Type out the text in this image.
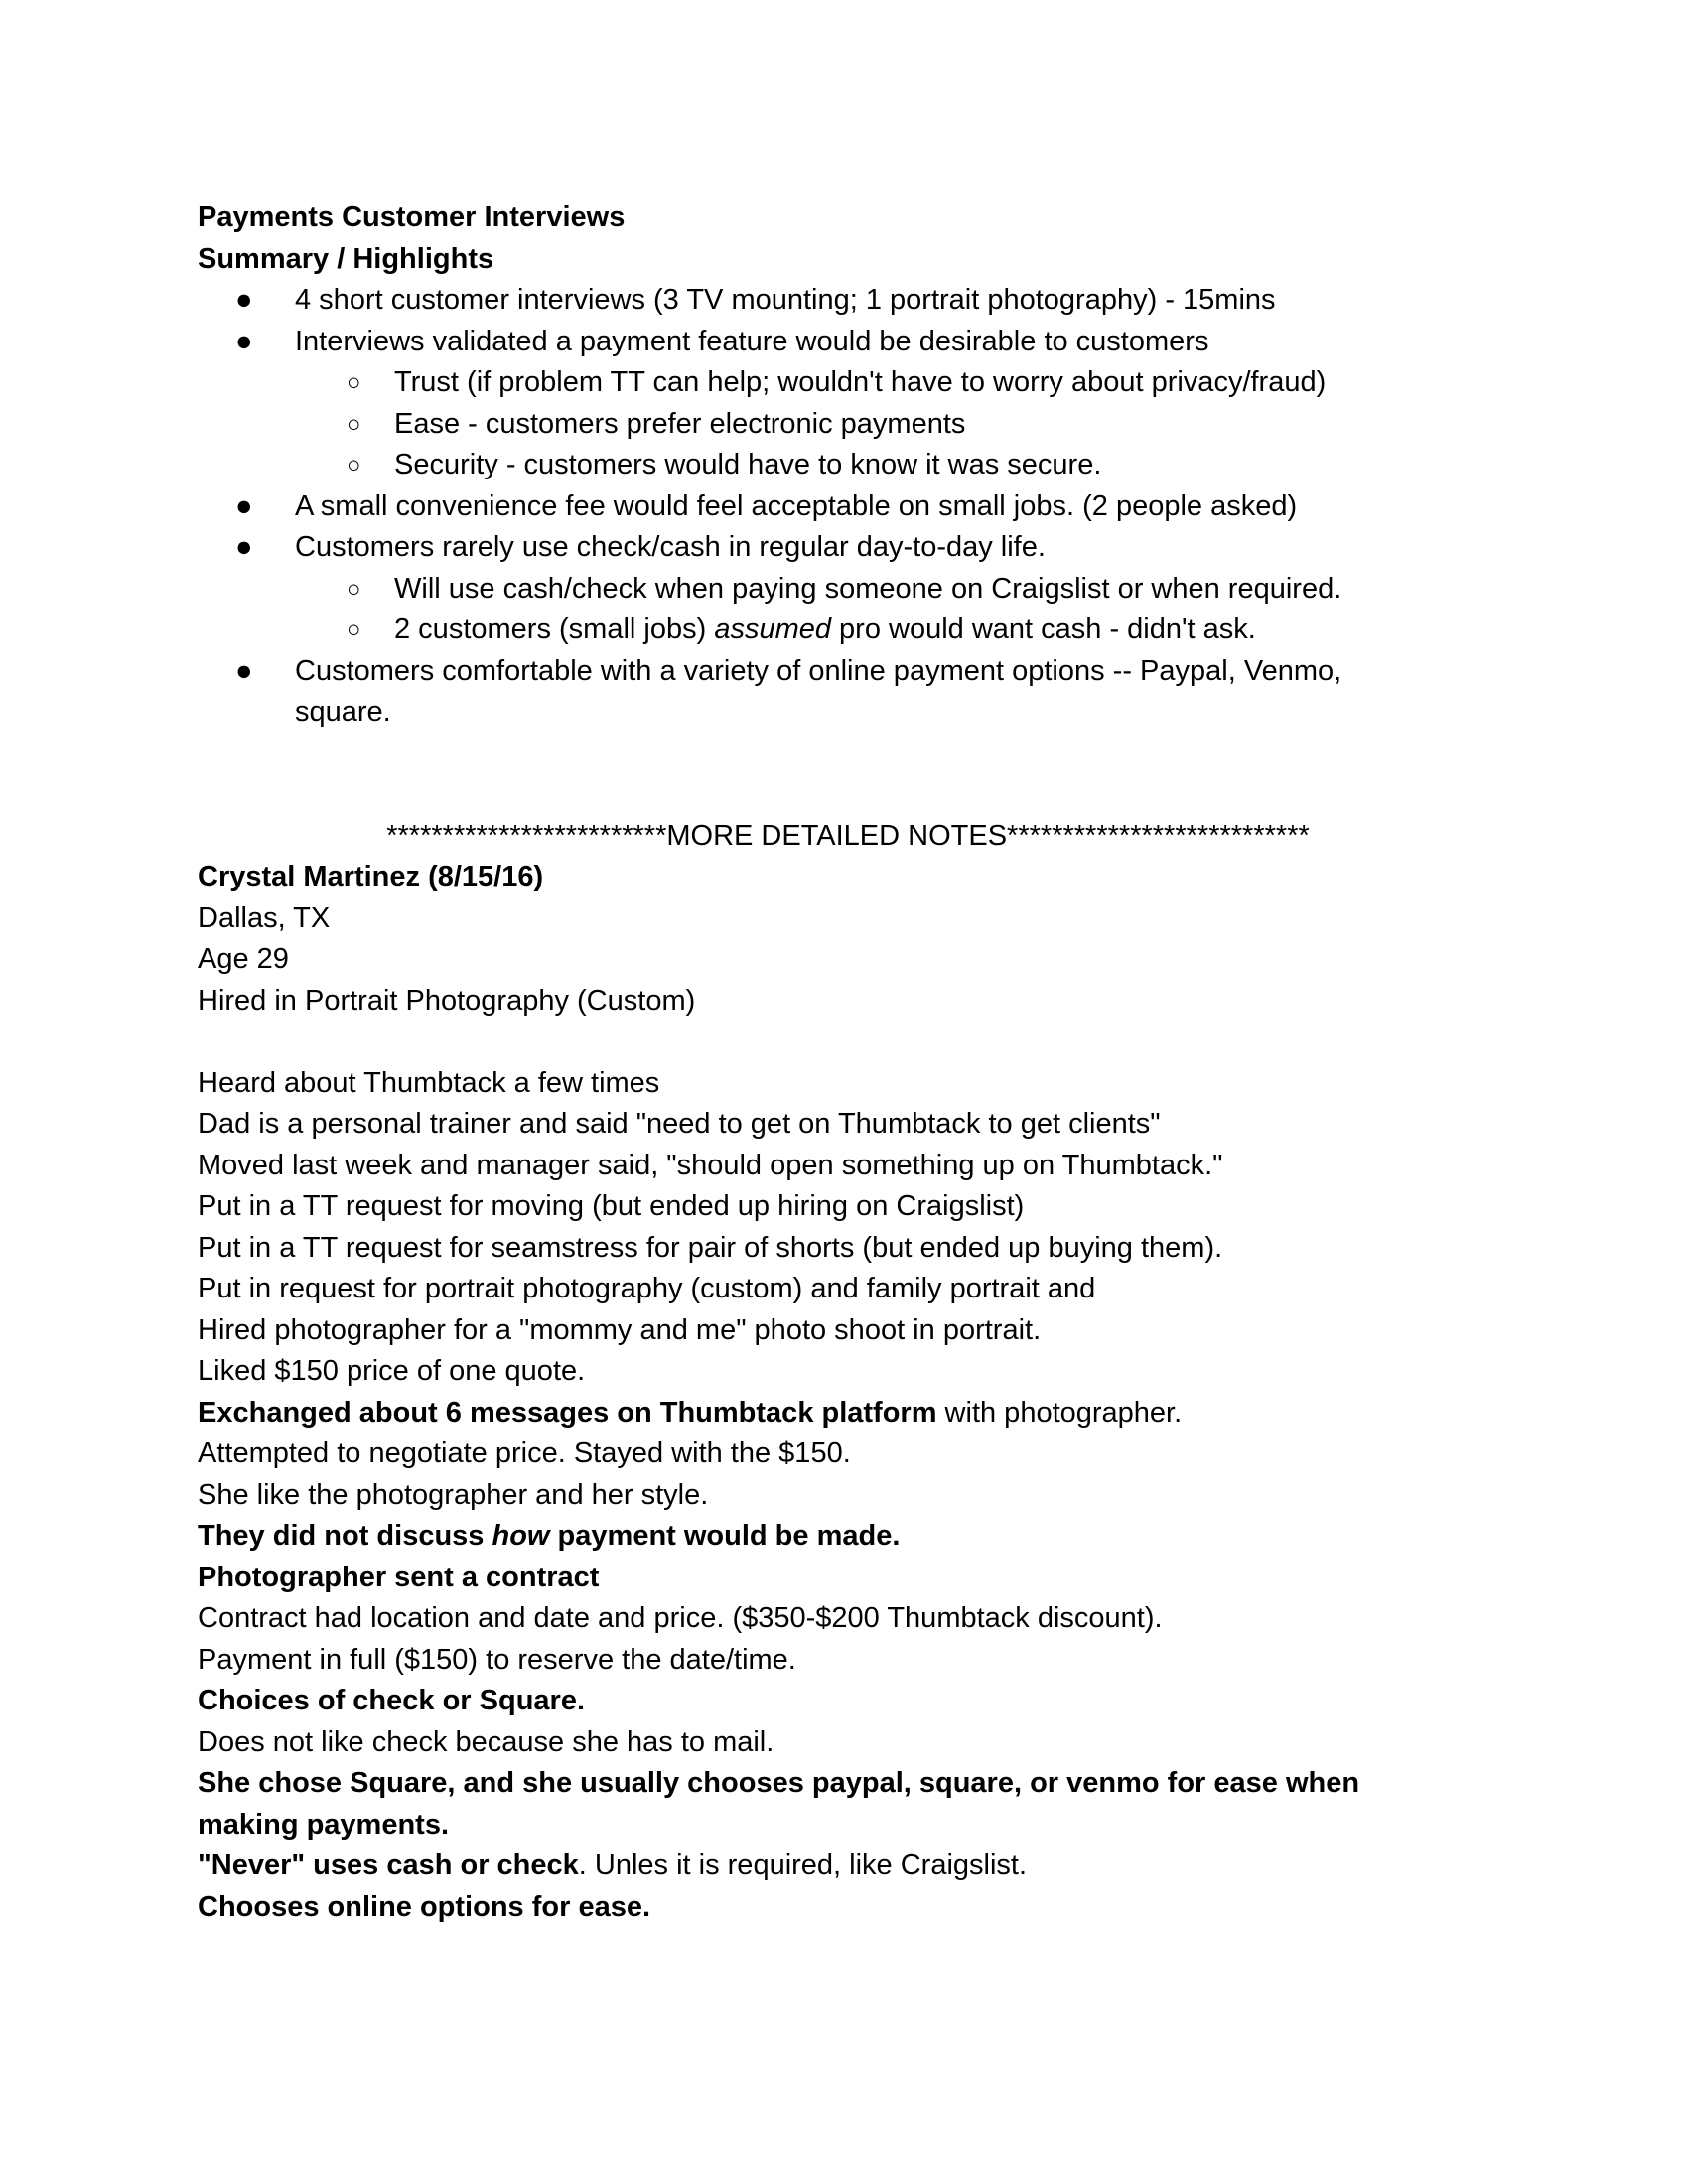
Payments Customer Interviews

Summary / Highlights

● 4 short customer interviews (3 TV mounting; 1 portrait photography) - 15mins
● Interviews validated a payment feature would be desirable to customers
○ Trust (if problem TT can help; wouldn't have to worry about privacy/fraud)
○ Ease - customers prefer electronic payments
○ Security - customers would have to know it was secure.
● A small convenience fee would feel acceptable on small jobs. (2 people asked)
● Customers rarely use check/cash in regular day-to-day life.
○ Will use cash/check when paying someone on Craigslist or when required.
○ 2 customers (small jobs) assumed pro would want cash - didn't ask.
● Customers comfortable with a variety of online payment options -- Paypal, Venmo, square.

*************************MORE DETAILED NOTES***************************

Crystal Martinez (8/15/16)

Dallas, TX

Age 29

Hired in Portrait Photography (Custom)

Heard about Thumbtack a few times

Dad is a personal trainer and said "need to get on Thumbtack to get clients"

Moved last week and manager said, "should open something up on Thumbtack."

Put in a TT request for moving (but ended up hiring on Craigslist)

Put in a TT request for seamstress for pair of shorts (but ended up buying them).

Put in request for portrait photography (custom) and family portrait and

Hired photographer for a "mommy and me" photo shoot in portrait.

Liked $150 price of one quote.

Exchanged about 6 messages on Thumbtack platform with photographer.

Attempted to negotiate price. Stayed with the $150.

She like the photographer and her style.

They did not discuss how payment would be made.

Photographer sent a contract

Contract had location and date and price. ($350-$200 Thumbtack discount).

Payment in full ($150) to reserve the date/time.

Choices of check or Square.

Does not like check because she has to mail.

She chose Square, and she usually chooses paypal, square, or venmo for ease when

making payments.

"Never" uses cash or check. Unles it is required, like Craigslist.

Chooses online options for ease.
